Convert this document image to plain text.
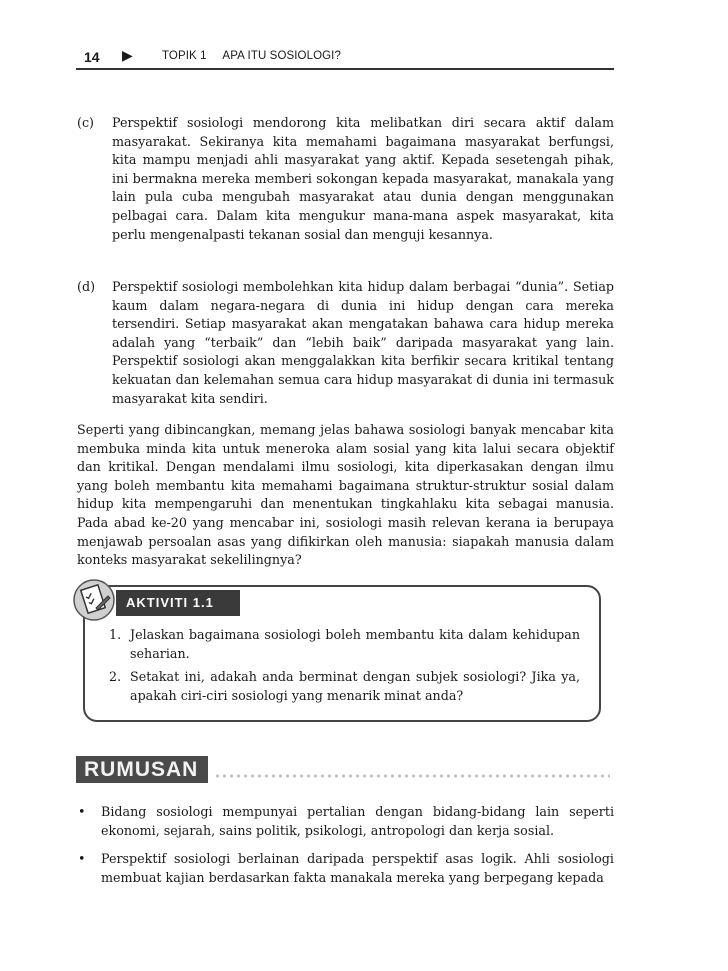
14 ▶	TOPIK 1     APA ITU SOSIOLOGI?
(c) Perspektif sosiologi mendorong kita melibatkan diri secara aktif dalam masyarakat. Sekiranya kita memahami bagaimana masyarakat berfungsi, kita mampu menjadi ahli masyarakat yang aktif. Kepada sesetengah pihak, ini bermakna mereka memberi sokongan kepada masyarakat, manakala yang lain pula cuba mengubah masyarakat atau dunia dengan menggunakan pelbagai cara. Dalam kita mengukur mana-mana aspek masyarakat, kita perlu mengenalpasti tekanan sosial dan menguji kesannya.
(d) Perspektif sosiologi membolehkan kita hidup dalam berbagai “dunia”. Setiap kaum dalam negara-negara di dunia ini hidup dengan cara mereka tersendiri. Setiap masyarakat akan mengatakan bahawa cara hidup mereka adalah yang “terbaik” dan “lebih baik” daripada masyarakat yang lain. Perspektif sosiologi akan menggalakkan kita berfikir secara kritikal tentang kekuatan dan kelemahan semua cara hidup masyarakat di dunia ini termasuk masyarakat kita sendiri.
Seperti yang dibincangkan, memang jelas bahawa sosiologi banyak mencabar kita membuka minda kita untuk meneroka alam sosial yang kita lalui secara objektif dan kritikal. Dengan mendalami ilmu sosiologi, kita diperkasakan dengan ilmu yang boleh membantu kita memahami bagaimana struktur-struktur sosial dalam hidup kita mempengaruhi dan menentukan tingkahlaku kita sebagai manusia. Pada abad ke-20 yang mencabar ini, sosiologi masih relevan kerana ia berupaya menjawab persoalan asas yang difikirkan oleh manusia: siapakah manusia dalam konteks masyarakat sekelilingnya?
AKTIVITI 1.1
1. Jelaskan bagaimana sosiologi boleh membantu kita dalam kehidupan seharian.
2. Setakat ini, adakah anda berminat dengan subjek sosiologi? Jika ya, apakah ciri-ciri sosiologi yang menarik minat anda?
RUMUSAN
• Bidang sosiologi mempunyai pertalian dengan bidang-bidang lain seperti ekonomi, sejarah, sains politik, psikologi, antropologi dan kerja sosial.
• Perspektif sosiologi berlainan daripada perspektif asas logik. Ahli sosiologi membuat kajian berdasarkan fakta manakala mereka yang berpegang kepada
